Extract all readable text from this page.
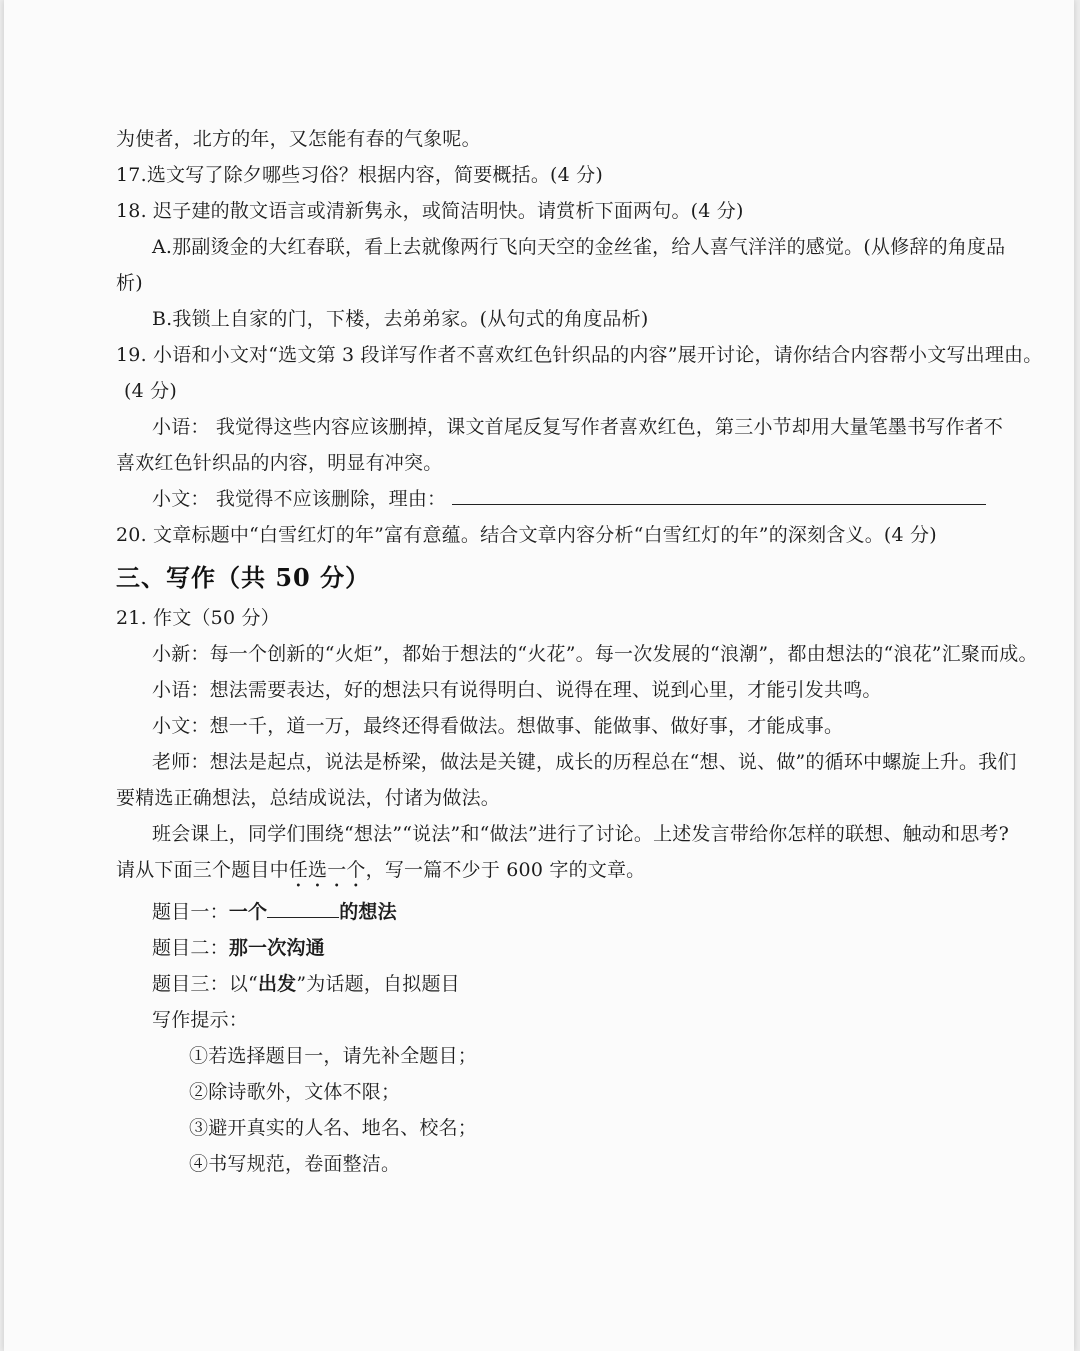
为使者，北方的年，又怎能有春的气象呢。
17.选文写了除夕哪些习俗？根据内容，简要概括。(4 分)
18. 迟子建的散文语言或清新隽永，或简洁明快。请赏析下面两句。(4 分)
A.那副烫金的大红春联，看上去就像两行飞向天空的金丝雀，给人喜气洋洋的感觉。(从修辞的角度品
析)
B.我锁上自家的门，下楼，去弟弟家。(从句式的角度品析)
19. 小语和小文对“选文第 3 段详写作者不喜欢红色针织品的内容”展开讨论，请你结合内容帮小文写出理由。
(4 分)
小语： 我觉得这些内容应该删掉，课文首尾反复写作者喜欢红色，第三小节却用大量笔墨书写作者不
喜欢红色针织品的内容，明显有冲突。
小文： 我觉得不应该删除，理由：
20. 文章标题中“白雪红灯的年”富有意蕴。结合文章内容分析“白雪红灯的年”的深刻含义。(4 分)
三、写作（共 50 分）
21. 作文（50 分）
小新：每一个创新的“火炬”，都始于想法的“火花”。每一次发展的“浪潮”，都由想法的“浪花”汇聚而成。
小语：想法需要表达，好的想法只有说得明白、说得在理、说到心里，才能引发共鸣。
小文：想一千，道一万，最终还得看做法。想做事、能做事、做好事，才能成事。
老师：想法是起点，说法是桥梁，做法是关键，成长的历程总在“想、说、做”的循环中螺旋上升。我们
要精选正确想法，总结成说法，付诸为做法。
班会课上，同学们围绕“想法”“说法”和“做法”进行了讨论。上述发言带给你怎样的联想、触动和思考?
请从下面三个题目中任选一个，写一篇不少于 600 字的文章。
题目一：一个	的想法
题目二：那一次沟通
题目三：以“出发”为话题，自拟题目
写作提示：
①若选择题目一，请先补全题目；
②除诗歌外，文体不限；
③避开真实的人名、地名、校名；
④书写规范，卷面整洁。
